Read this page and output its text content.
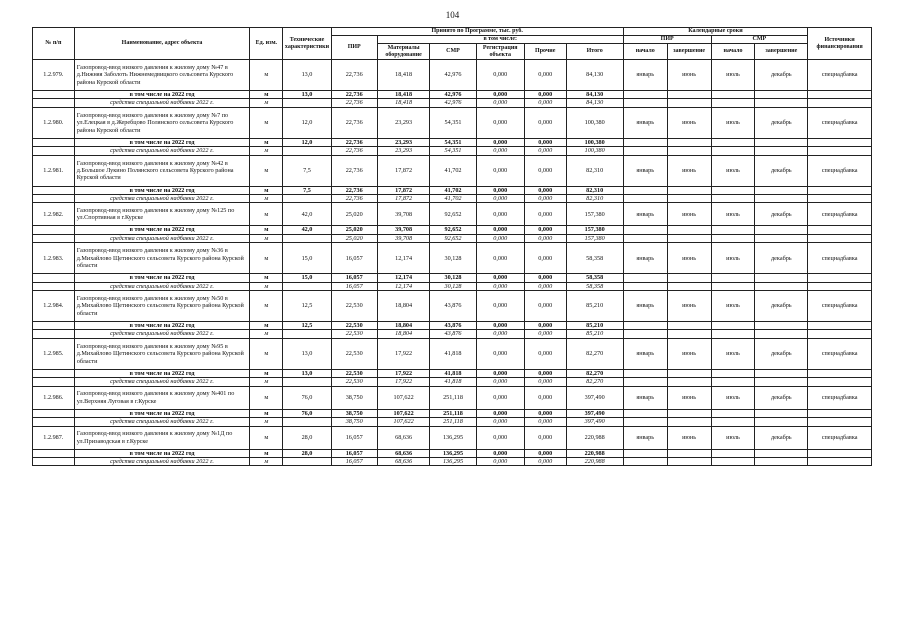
104
№ п/п	Наименование, адрес объекта	Ед. изм.	Технические характеристики	Принято по Программе, тыс. руб.						Календарные сроки				Источники финансирования
				ПИР	в том числе:					ПИР		СМР		
					Материалы оборудование	СМР	Регистрация объекта	Прочие	Итого	начало	завершение	начало	завершение	
1.2.979.	Газопровод-ввод низкого давления к жилому дому №47 в д.Нижняя Заболоть Нижнемедвицкого сельсовета Курского района Курской области	м	13,0	22,736	18,418	42,976	0,000	0,000	84,130	январь	июнь	июль	декабрь	спецнадбавка
	в том числе на 2022 год	м	13,0	22,736	18,418	42,976	0,000	0,000	84,130					
	средства специальной надбавки 2022 г.	м		22,736	18,418	42,976	0,000	0,000	84,130					
1.2.980.	Газопровод-ввод низкого давления к жилому дому №7 по ул.Елецкая в д.Жеребцово Полянского сельсовета Курского района Курской области	м	12,0	22,736	23,293	54,351	0,000	0,000	100,380	январь	июнь	июль	декабрь	спецнадбавка
	в том числе на 2022 год	м	12,0	22,736	23,293	54,351	0,000	0,000	100,380					
	средства специальной надбавки 2022 г.	м		22,736	23,293	54,351	0,000	0,000	100,380					
1.2.981.	Газопровод-ввод низкого давления к жилому дому №42 в д.Большое Лукино Полянского сельсовета Курского района Курской области	м	7,5	22,736	17,872	41,702	0,000	0,000	82,310	январь	июнь	июль	декабрь	спецнадбавка
	в том числе на 2022 год	м	7,5	22,736	17,872	41,702	0,000	0,000	82,310					
	средства специальной надбавки 2022 г.	м		22,736	17,872	41,702	0,000	0,000	82,310					
1.2.982.	Газопровод-ввод низкого давления к жилому дому №125 по ул.Спортивная в г.Курске	м	42,0	25,020	39,708	92,652	0,000	0,000	157,380	январь	июнь	июль	декабрь	спецнадбавка
	в том числе на 2022 год	м	42,0	25,020	39,708	92,652	0,000	0,000	157,380					
	средства специальной надбавки 2022 г.	м		25,020	39,708	92,652	0,000	0,000	157,380					
1.2.983.	Газопровод-ввод низкого давления к жилому дому №36 в д.Михайлово Щетинского сельсовета Курского района Курской области	м	15,0	16,057	12,174	30,128	0,000	0,000	58,358	январь	июнь	июль	декабрь	спецнадбавка
	в том числе на 2022 год	м	15,0	16,057	12,174	30,128	0,000	0,000	58,358					
	средства специальной надбавки 2022 г.	м		16,057	12,174	30,128	0,000	0,000	58,358					
1.2.984.	Газопровод-ввод низкого давления к жилому дому №50 в д.Михайлово Щетинского сельсовета Курского района Курской области	м	12,5	22,530	18,804	43,876	0,000	0,000	85,210	январь	июнь	июль	декабрь	спецнадбавка
	в том числе на 2022 год	м	12,5	22,530	18,804	43,876	0,000	0,000	85,210					
	средства специальной надбавки 2022 г.	м		22,530	18,804	43,876	0,000	0,000	85,210					
1.2.985.	Газопровод-ввод низкого давления к жилому дому №95 в д.Михайлово Щетинского сельсовета Курского района Курской области	м	13,0	22,530	17,922	41,818	0,000	0,000	82,270	январь	июнь	июль	декабрь	спецнадбавка
	в том числе на 2022 год	м	13,0	22,530	17,922	41,818	0,000	0,000	82,270					
	средства специальной надбавки 2022 г.	м		22,530	17,922	41,818	0,000	0,000	82,270					
1.2.986.	Газопровод-ввод низкого давления к жилому дому №401 по ул.Верхняя Луговая в г.Курске	м	76,0	38,750	107,622	251,118	0,000	0,000	397,490	январь	июнь	июль	декабрь	спецнадбавка
	в том числе на 2022 год	м	76,0	38,750	107,622	251,118	0,000	0,000	397,490					
	средства специальной надбавки 2022 г.	м		38,750	107,622	251,118	0,000	0,000	397,490					
1.2.987.	Газопровод-ввод низкого давления к жилому дому №1Д по ул.Призаводская в г.Курске	м	28,0	16,057	68,636	136,295	0,000	0,000	220,988	январь	июнь	июль	декабрь	спецнадбавка
	в том числе на 2022 год	м	28,0	16,057	68,636	136,295	0,000	0,000	220,988					
	средства специальной надбавки 2022 г.	м		16,057	68,636	136,295	0,000	0,000	220,988					
